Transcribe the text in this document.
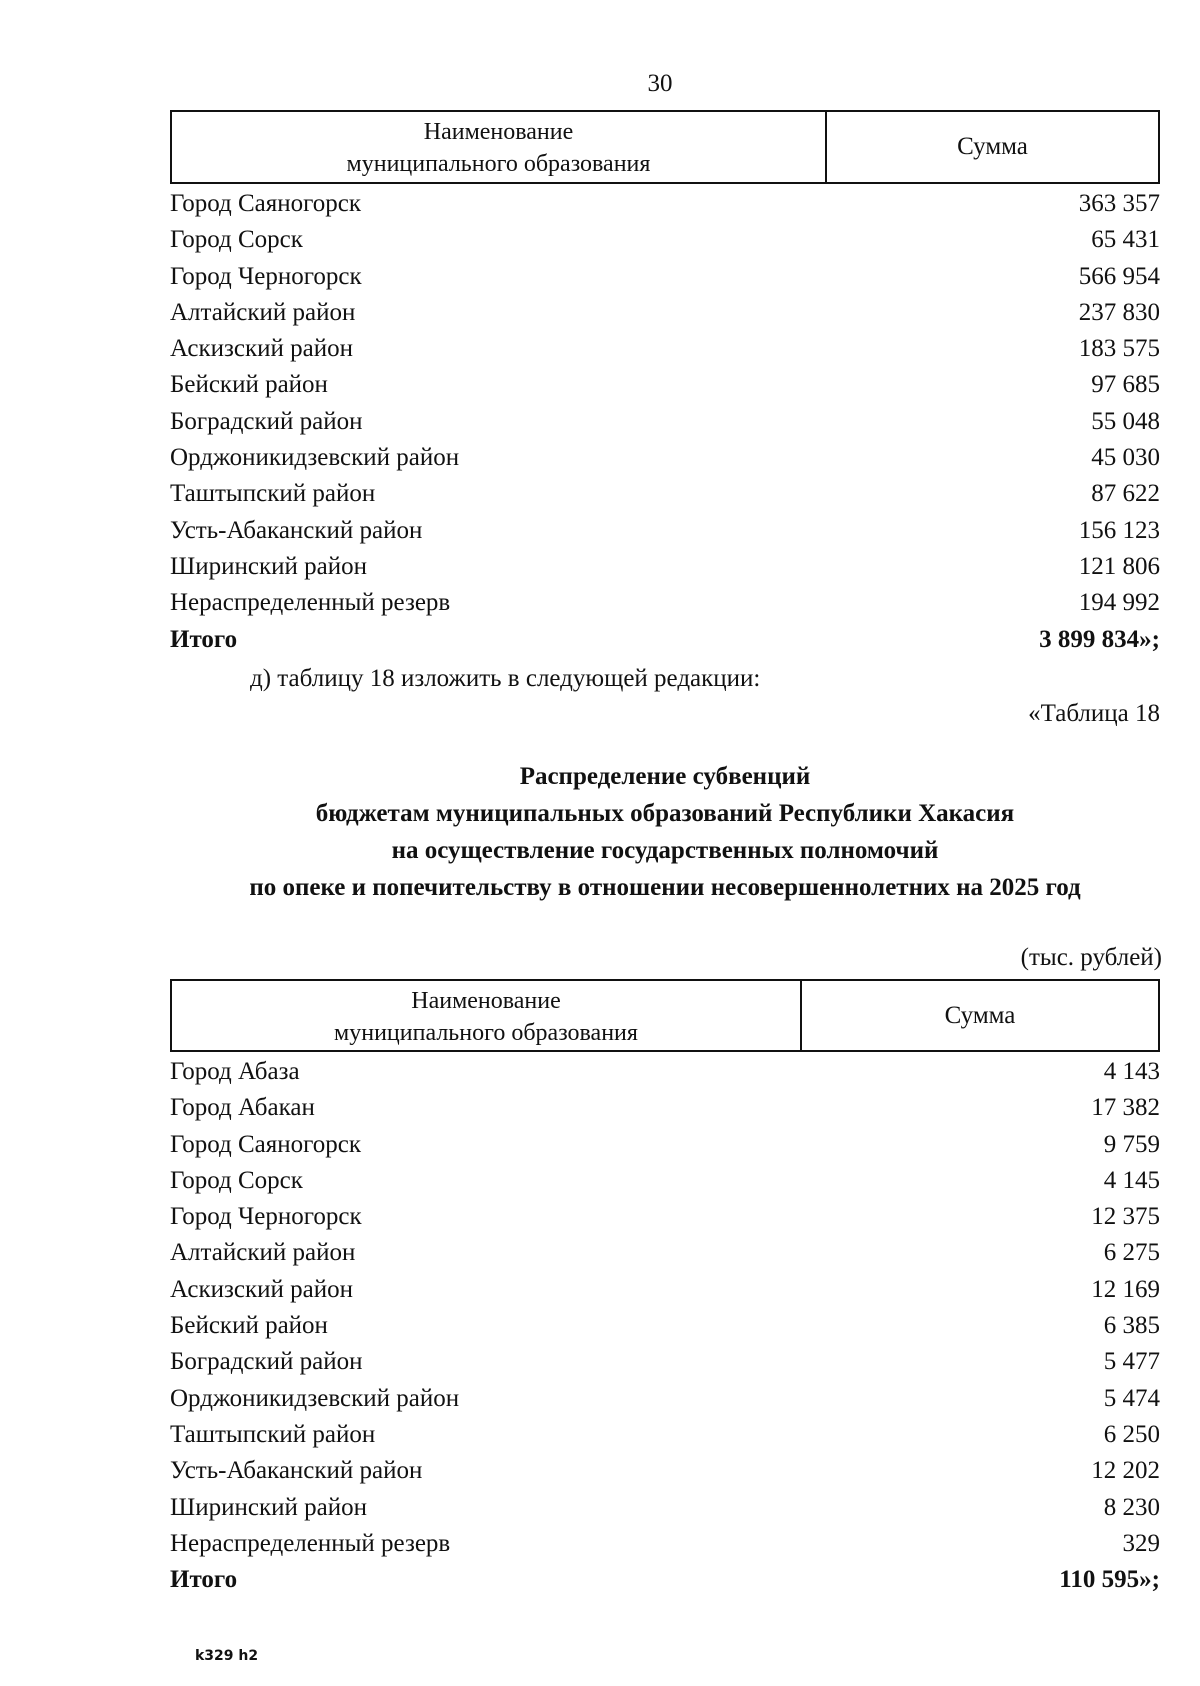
30
Наименование
муниципального образования
Сумма
Город Саяногорск	363 357
Город Сорск	65 431
Город Черногорск	566 954
Алтайский район	237 830
Аскизский район	183 575
Бейский район	97 685
Боградский район	55 048
Орджоникидзевский район	45 030
Таштыпский район	87 622
Усть-Абаканский район	156 123
Ширинский район	121 806
Нераспределенный резерв	194 992
Итого	3 899 834»;
д) таблицу 18 изложить в следующей редакции:
«Таблица 18
Распределение субвенций
бюджетам муниципальных образований Республики Хакасия
на осуществление государственных полномочий
по опеке и попечительству в отношении несовершеннолетних на 2025 год
(тыс. рублей)
Наименование
муниципального образования
Сумма
Город Абаза	4 143
Город Абакан	17 382
Город Саяногорск	9 759
Город Сорск	4 145
Город Черногорск	12 375
Алтайский район	6 275
Аскизский район	12 169
Бейский район	6 385
Боградский район	5 477
Орджоникидзевский район	5 474
Таштыпский район	6 250
Усть-Абаканский район	12 202
Ширинский район	8 230
Нераспределенный резерв	329
Итого	110 595»;
k329 h2
